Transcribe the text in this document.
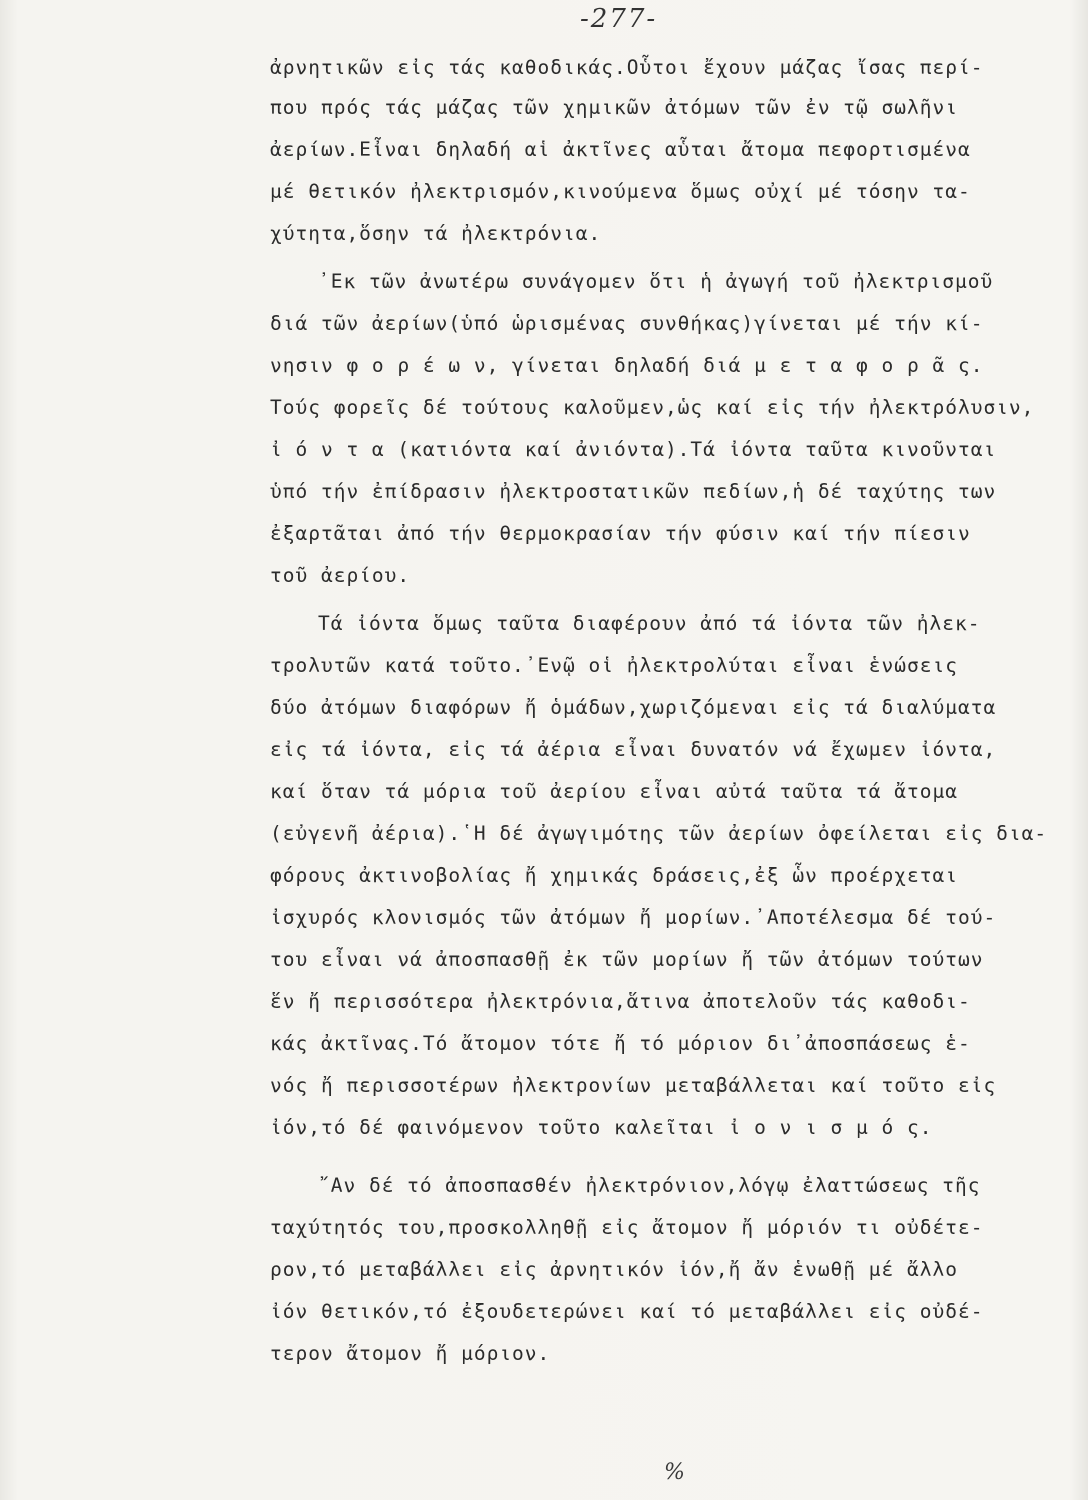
-277-
ἀρνητικῶν εἰς τάς καθοδικάς.Οὗτοι ἔχουν μάζας ἴσας περί-
που πρός τάς μάζας τῶν χημικῶν ἀτόμων τῶν ἐν τῷ σωλῆνι
ἀερίων.Εἶναι δηλαδή αἱ ἀκτῖνες αὗται ἄτομα πεφορτισμένα
μέ θετικόν ἠλεκτρισμόν,κινούμενα ὅμως οὐχί μέ τόσην τα-
χύτητα,ὅσην τά ἠλεκτρόνια.
᾿Εκ τῶν ἀνωτέρω συνάγομεν ὅτι ἡ ἀγωγή τοῦ ἠλεκτρισμοῦ
διά τῶν ἀερίων(ὑπό ὡρισμένας συνθήκας)γίνεται μέ τήν κί-
νησιν φ ο ρ έ ω ν, γίνεται δηλαδή διά μ ε τ α φ ο ρ ᾶ ς.
Τούς φορεῖς δέ τούτους καλοῦμεν,ὡς καί εἰς τήν ἠλεκτρόλυσιν,
ἰ ό ν τ α (κατιόντα καί ἀνιόντα).Τά ἰόντα ταῦτα κινοῦνται
ὑπό τήν ἐπίδρασιν ἠλεκτροστατικῶν πεδίων,ἡ δέ ταχύτης των
ἐξαρτᾶται ἀπό τήν θερμοκρασίαν τήν φύσιν καί τήν πίεσιν
τοῦ ἀερίου.
Τά ἰόντα ὅμως ταῦτα διαφέρουν ἀπό τά ἰόντα τῶν ἠλεκ-
τρολυτῶν κατά τοῦτο.᾿Ενῷ οἱ ἠλεκτρολύται εἶναι ἑνώσεις
δύο ἀτόμων διαφόρων ἤ ὁμάδων,χωριζόμεναι εἰς τά διαλύματα
εἰς τά ἰόντα, εἰς τά ἀέρια εἶναι δυνατόν νά ἔχωμεν ἰόντα,
καί ὅταν τά μόρια τοῦ ἀερίου εἶναι αὐτά ταῦτα τά ἄτομα
(εὐγενῆ ἀέρια).῾Η δέ ἀγωγιμότης τῶν ἀερίων ὀφείλεται εἰς δια-
φόρους ἀκτινοβολίας ἤ χημικάς δράσεις,ἐξ ὧν προέρχεται
ἰσχυρός κλονισμός τῶν ἀτόμων ἤ μορίων.᾿Αποτέλεσμα δέ τού-
του εἶναι νά ἀποσπασθῇ ἐκ τῶν μορίων ἤ τῶν ἀτόμων τούτων
ἕν ἤ περισσότερα ἠλεκτρόνια,ἅτινα ἀποτελοῦν τάς καθοδι-
κάς ἀκτῖνας.Τό ἄτομον τότε ἤ τό μόριον δι᾿ἀποσπάσεως ἑ-
νός ἤ περισσοτέρων ἠλεκτρονίων μεταβάλλεται καί τοῦτο εἰς
ἰόν,τό δέ φαινόμενον τοῦτο καλεῖται ἰ ο ν ι σ μ ό ς.
῎Αν δέ τό ἀποσπασθέν ἠλεκτρόνιον,λόγῳ ἐλαττώσεως τῆς
ταχύτητός του,προσκολληθῇ εἰς ἄτομον ἤ μόριόν τι οὐδέτε-
ρον,τό μεταβάλλει εἰς ἀρνητικόν ἰόν,ἤ ἄν ἑνωθῇ μέ ἄλλο
ἰόν θετικόν,τό ἐξουδετερώνει καί τό μεταβάλλει εἰς οὐδέ-
τερον ἄτομον ἤ μόριον.
%
